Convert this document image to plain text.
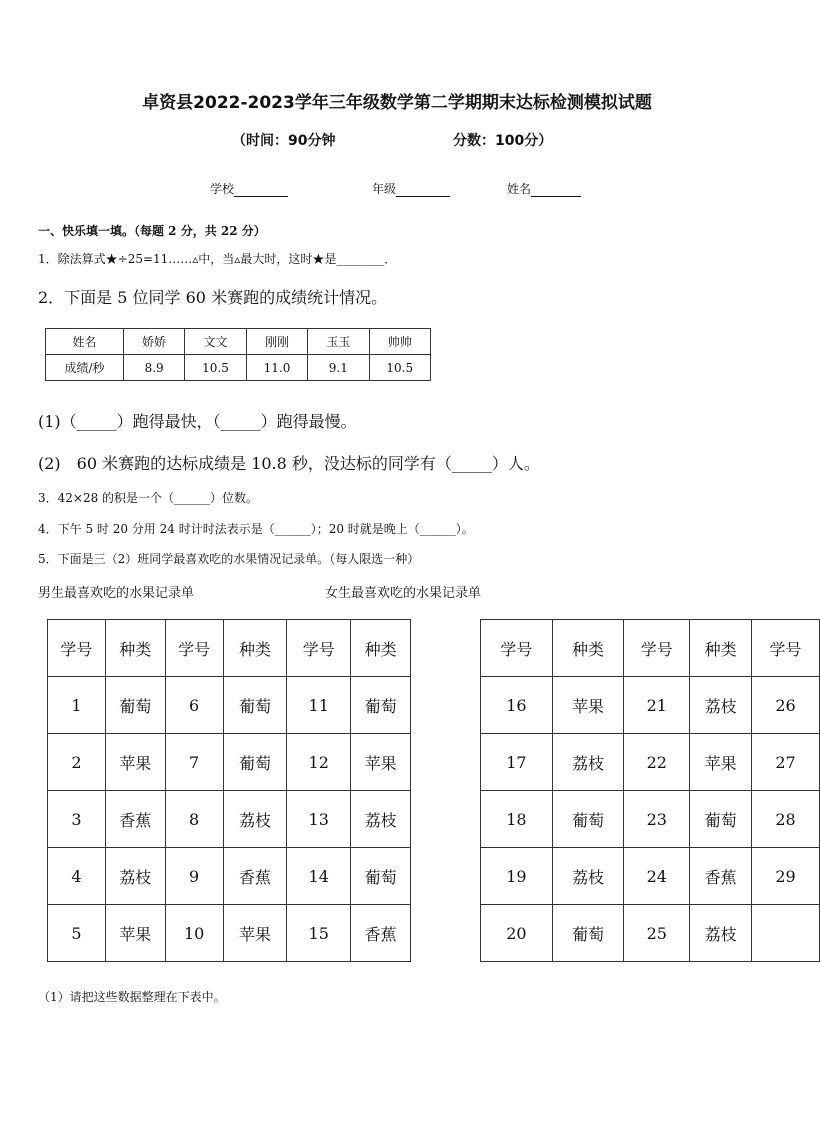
卓资县2022-2023学年三年级数学第二学期期末达标检测模拟试题
（时间：90分钟	分数：100分）
学校	年级	姓名
一、快乐填一填。（每题 2 分，共 22 分）
1．除法算式★÷25=11……▵中，当▵最大时，这时★是________．
2．下面是 5 位同学 60 米赛跑的成绩统计情况。
姓名	娇娇	文文	刚刚	玉玉	帅帅
成绩/秒	8.9	10.5	11.0	9.1	10.5
(1)（_____）跑得最快，（_____）跑得最慢。
(2)　60 米赛跑的达标成绩是 10.8 秒，没达标的同学有（_____）人。
3．42×28 的积是一个（______）位数。
4．下午 5 时 20 分用 24 时计时法表示是（______）；20 时就是晚上（______）。
5．下面是三（2）班同学最喜欢吃的水果情况记录单。（每人限选一种）
男生最喜欢吃的水果记录单	女生最喜欢吃的水果记录单
学号	种类	学号	种类	学号	种类
1	葡萄	6	葡萄	11	葡萄
2	苹果	7	葡萄	12	苹果
3	香蕉	8	荔枝	13	荔枝
4	荔枝	9	香蕉	14	葡萄
5	苹果	10	苹果	15	香蕉
学号	种类	学号	种类	学号
16	苹果	21	荔枝	26
17	荔枝	22	苹果	27
18	葡萄	23	葡萄	28
19	荔枝	24	香蕉	29
20	葡萄	25	荔枝	
（1）请把这些数据整理在下表中。
